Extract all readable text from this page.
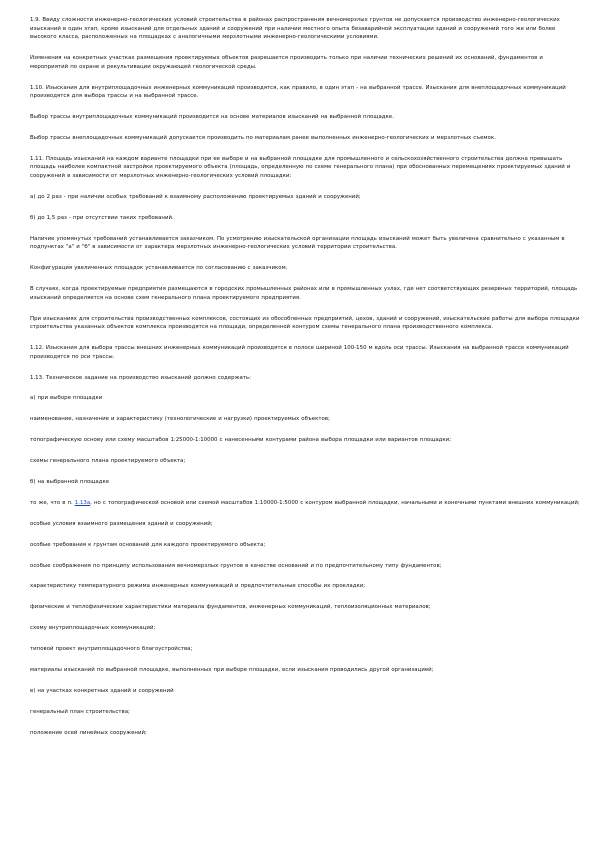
1.9. Ввиду сложности инженерно-геологических условий строительства в районах распространения вечномерзлых грунтов не допускается производство инженерно-геологических изысканий в один этап, кроме изысканий для отдельных зданий и сооружений при наличии местного опыта безаварийной эксплуатации зданий и сооружений того же или более высокого класса, расположенных на площадках с аналогичными мерзлотными инженерно-геологическими условиями.

Изменения на конкретных участках размещения проектируемых объектов разрешается производить только при наличии технических решений их оснований, фундаментов и мероприятий по охране и рекультивации окружающей геологической среды.

1.10. Изыскания для внутриплощадочных инженерных коммуникаций производятся, как правило, в один этап - на выбранной трассе. Изыскания для внеплощадочных коммуникаций производятся для выбора трассы и на выбранной трассе.

Выбор трассы внутриплощадочных коммуникаций производится на основе материалов изысканий на выбранной площадке.

Выбор трассы внеплощадочных коммуникаций допускается производить по материалам ранее выполненных инженерно-геологических и мерзлотных съемок.

1.11. Площадь изысканий на каждом варианте площадки при ее выборе и на выбранной площадке для промышленного и сельскохозяйственного строительства должна превышать площадь наиболее компактной застройки проектируемого объекта (площадь, определенную по схеме генерального плана) при обоснованных перемещениях проектируемых зданий и сооружений в зависимости от мерзлотных инженерно-геологических условий площадки:

а) до 2 раз - при наличии особых требований к взаимному расположению проектируемых зданий и сооружений;

б) до 1,5 раз - при отсутствии таких требований.

Наличие упомянутых требований устанавливается заказчиком. По усмотрению изыскательской организации площадь изысканий может быть увеличена сравнительно с указанным в подпунктах "а" и "б" в зависимости от характера мерзлотных инженерно-геологических условий территории строительства.

Конфигурация увеличенных площадок устанавливается по согласованию с заказчиком.

В случаях, когда проектируемые предприятия размещаются в городских промышленных районах или в промышленных узлах, где нет соответствующих резервных территорий, площадь изысканий определяется на основе схем генерального плана проектируемого предприятия.

При изысканиях для строительства производственных комплексов, состоящих из обособленных предприятий, цехов, зданий и сооружений, изыскательские работы для выбора площадки строительства указанных объектов комплекса производятся на площади, определенной контуром схемы генерального плана производственного комплекса.

1.12. Изыскания для выбора трассы внешних инженерных коммуникаций производятся в полосе шириной 100-150 м вдоль оси трассы. Изыскания на выбранной трассе коммуникаций производятся по оси трассы.

1.13. Техническое задание на производство изысканий должно содержать:

а) при выборе площадки

наименование, назначение и характеристику (технологические и нагрузки) проектируемых объектов;

топографическую основу или схему масштабов 1:25000-1:10000 с нанесенными контурами района выбора площадки или вариантов площадки;

схемы генерального плана проектируемого объекта;

б) на выбранной площадке

то же, что в п. 1.13а, но с топографической основой или схемой масштабов 1:10000-1:5000 с контуром выбранной площадки, начальными и конечными пунктами внешних коммуникаций;

особые условия взаимного размещения зданий и сооружений;

особые требования к грунтам оснований для каждого проектируемого объекта;

особые соображения по принципу использования вечномерзлых грунтов в качестве оснований и по предпочтительному типу фундаментов;

характеристику температурного режима инженерных коммуникаций и предпочтительные способы их прокладки;

физические и теплофизические характеристики материала фундаментов, инженерных коммуникаций, теплоизоляционных материалов;

схему внутриплощадочных коммуникаций;

типовой проект внутриплощадочного благоустройства;

материалы изысканий по выбранной площадке, выполненных при выборе площадки, если изыскания проводились другой организацией;

в) на участках конкретных зданий и сооружений

генеральный план строительства;

положение осей линейных сооружений;
